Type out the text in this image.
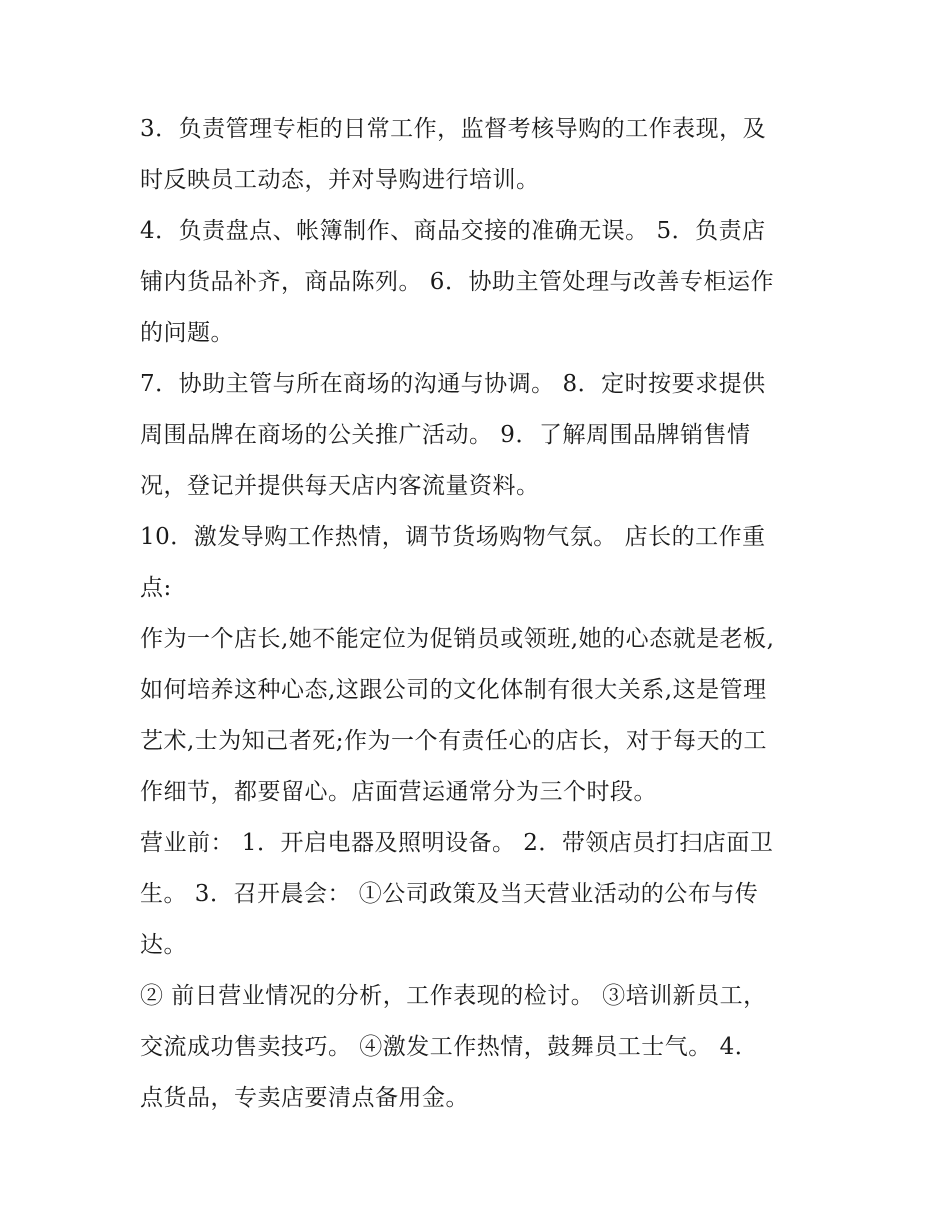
3．负责管理专柜的日常工作，监督考核导购的工作表现，及
时反映员工动态，并对导购进行培训。
4．负责盘点、帐簿制作、商品交接的准确无误。 5．负责店
铺内货品补齐，商品陈列。 6．协助主管处理与改善专柜运作
的问题。
7．协助主管与所在商场的沟通与协调。 8．定时按要求提供
周围品牌在商场的公关推广活动。 9．了解周围品牌销售情
况，登记并提供每天店内客流量资料。
10．激发导购工作热情，调节货场购物气氛。 店长的工作重
点:
作为一个店长,她不能定位为促销员或领班,她的心态就是老板,
如何培养这种心态,这跟公司的文化体制有很大关系,这是管理
艺术,士为知己者死;作为一个有责任心的店长，对于每天的工
作细节，都要留心。店面营运通常分为三个时段。
营业前： 1．开启电器及照明设备。 2．带领店员打扫店面卫
生。 3．召开晨会： ①公司政策及当天营业活动的公布与传
达。
② 前日营业情况的分析，工作表现的检讨。 ③培训新员工，
交流成功售卖技巧。 ④激发工作热情，鼓舞员工士气。 4．
点货品，专卖店要清点备用金。
